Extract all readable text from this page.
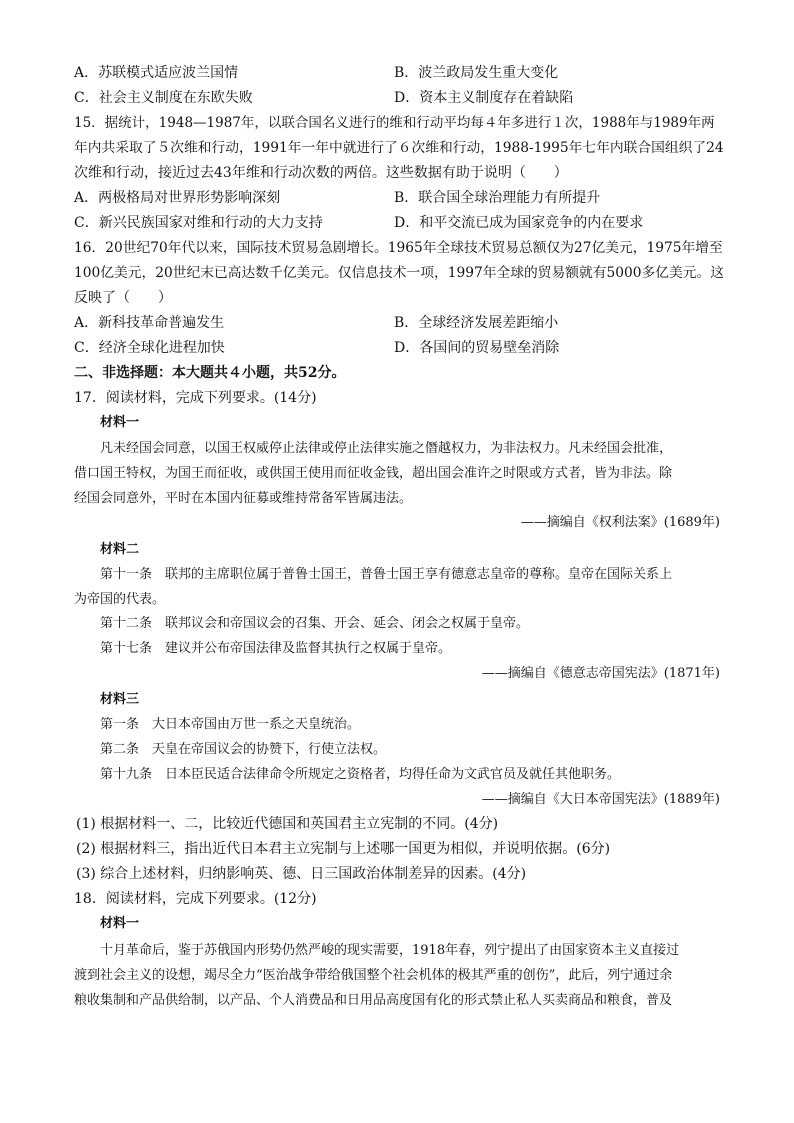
A．苏联模式适应波兰国情	B．波兰政局发生重大变化
C．社会主义制度在东欧失败	D．资本主义制度存在着缺陷
15．据统计，1948—1987年，以联合国名义进行的维和行动平均每４年多进行１次，1988年与1989年两
年内共采取了５次维和行动，1991年一年中就进行了６次维和行动，1988-1995年七年内联合国组织了24
次维和行动，接近过去43年维和行动次数的两倍。这些数据有助于说明（　　）
A．两极格局对世界形势影响深刻	B．联合国全球治理能力有所提升
C．新兴民族国家对维和行动的大力支持	D．和平交流已成为国家竞争的内在要求
16．20世纪70年代以来，国际技术贸易急剧增长。1965年全球技术贸易总额仅为27亿美元，1975年增至
100亿美元，20世纪末已高达数千亿美元。仅信息技术一项，1997年全球的贸易额就有5000多亿美元。这
反映了（　　）
A．新科技革命普遍发生	B．全球经济发展差距缩小
C．经济全球化进程加快	D．各国间的贸易壁垒消除
二、非选择题：本大题共４小题，共52分。
17．阅读材料，完成下列要求。(14分)
材料一
凡未经国会同意，以国王权威停止法律或停止法律实施之僭越权力，为非法权力。凡未经国会批准，
借口国王特权，为国王而征收，或供国王使用而征收金钱，超出国会准许之时限或方式者，皆为非法。除
经国会同意外，平时在本国内征募或维持常备军皆属违法。
——摘编自《权利法案》(1689年)
材料二
第十一条　联邦的主席职位属于普鲁士国王，普鲁士国王享有德意志皇帝的尊称。皇帝在国际关系上
为帝国的代表。
第十二条　联邦议会和帝国议会的召集、开会、延会、闭会之权属于皇帝。
第十七条　建议并公布帝国法律及监督其执行之权属于皇帝。
——摘编自《德意志帝国宪法》(1871年)
材料三
第一条　大日本帝国由万世一系之天皇统治。
第二条　天皇在帝国议会的协赞下，行使立法权。
第十九条　日本臣民适合法律命令所规定之资格者，均得任命为文武官员及就任其他职务。
——摘编自《大日本帝国宪法》(1889年)
(1) 根据材料一、二，比较近代德国和英国君主立宪制的不同。(4分)
(2) 根据材料三，指出近代日本君主立宪制与上述哪一国更为相似，并说明依据。(6分)
(3) 综合上述材料，归纳影响英、德、日三国政治体制差异的因素。(4分)
18．阅读材料，完成下列要求。(12分)
材料一
十月革命后，鉴于苏俄国内形势仍然严峻的现实需要，1918年春，列宁提出了由国家资本主义直接过
渡到社会主义的设想，竭尽全力“医治战争带给俄国整个社会机体的极其严重的创伤”，此后，列宁通过余
粮收集制和产品供给制，以产品、个人消费品和日用品高度国有化的形式禁止私人买卖商品和粮食，普及
